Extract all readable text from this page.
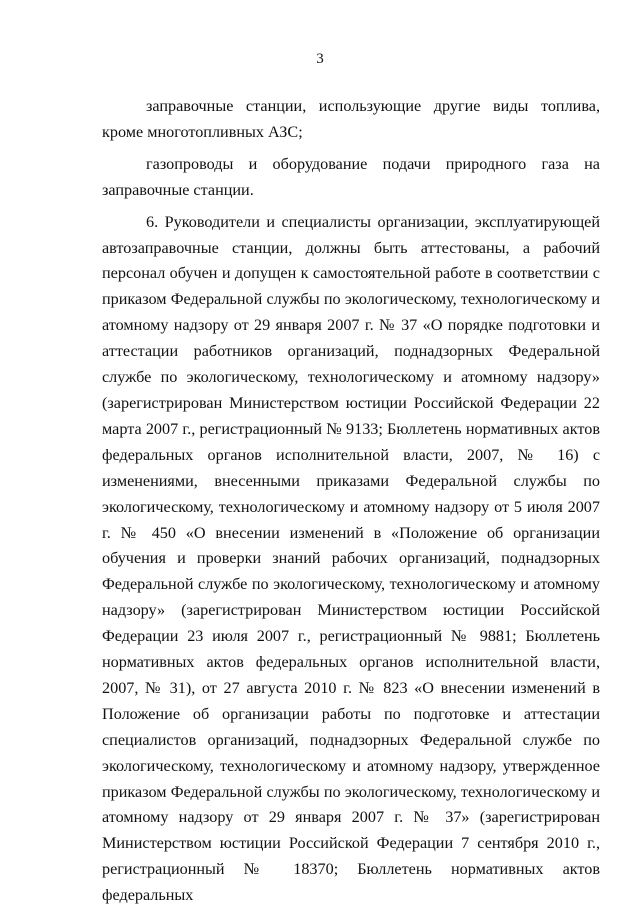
3

заправочные станции, использующие другие виды топлива, кроме многотопливных АЗС;

газопроводы и оборудование подачи природного газа на заправочные станции.

6. Руководители и специалисты организации, эксплуатирующей автозаправочные станции, должны быть аттестованы, а рабочий персонал обучен и допущен к самостоятельной работе в соответствии с приказом Федеральной службы по экологическому, технологическому и атомному надзору от 29 января 2007 г. № 37 «О порядке подготовки и аттестации работников организаций, поднадзорных Федеральной службе по экологическому, технологическому и атомному надзору» (зарегистрирован Министерством юстиции Российской Федерации 22 марта 2007 г., регистрационный № 9133; Бюллетень нормативных актов федеральных органов исполнительной власти, 2007, № 16) с изменениями, внесенными приказами Федеральной службы по экологическому, технологическому и атомному надзору от 5 июля 2007 г. № 450 «О внесении изменений в «Положение об организации обучения и проверки знаний рабочих организаций, поднадзорных Федеральной службе по экологическому, технологическому и атомному надзору» (зарегистрирован Министерством юстиции Российской Федерации 23 июля 2007 г., регистрационный № 9881; Бюллетень нормативных актов федеральных органов исполнительной власти, 2007, № 31), от 27 августа 2010 г. № 823 «О внесении изменений в Положение об организации работы по подготовке и аттестации специалистов организаций, поднадзорных Федеральной службе по экологическому, технологическому и атомному надзору, утвержденное приказом Федеральной службы по экологическому, технологическому и атомному надзору от 29 января 2007 г. № 37» (зарегистрирован Министерством юстиции Российской Федерации 7 сентября 2010 г., регистрационный № 18370; Бюллетень нормативных актов федеральных
